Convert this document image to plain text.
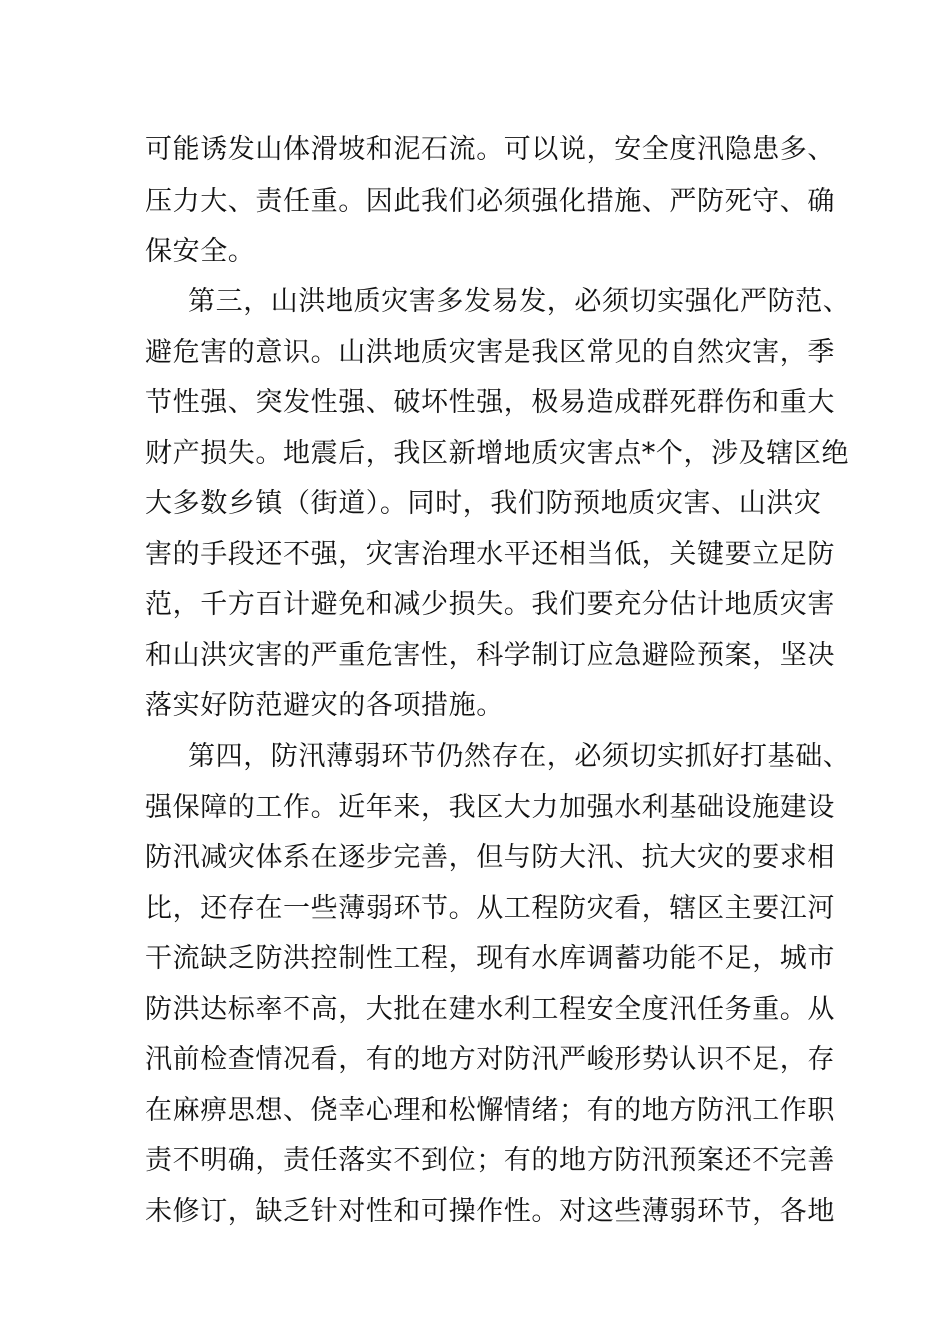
可能诱发山体滑坡和泥石流。可以说，安全度汛隐患多、
压力大、责任重。因此我们必须强化措施、严防死守、确
保安全。
第三，山洪地质灾害多发易发，必须切实强化严防范、
避危害的意识。山洪地质灾害是我区常见的自然灾害，季
节性强、突发性强、破坏性强，极易造成群死群伤和重大
财产损失。地震后，我区新增地质灾害点*个，涉及辖区绝
大多数乡镇（街道）。同时，我们防预地质灾害、山洪灾
害的手段还不强，灾害治理水平还相当低，关键要立足防
范，千方百计避免和减少损失。我们要充分估计地质灾害
和山洪灾害的严重危害性，科学制订应急避险预案，坚决
落实好防范避灾的各项措施。
第四，防汛薄弱环节仍然存在，必须切实抓好打基础、
强保障的工作。近年来，我区大力加强水利基础设施建设
防汛减灾体系在逐步完善，但与防大汛、抗大灾的要求相
比，还存在一些薄弱环节。从工程防灾看，辖区主要江河
干流缺乏防洪控制性工程，现有水库调蓄功能不足，城市
防洪达标率不高，大批在建水利工程安全度汛任务重。从
汛前检查情况看，有的地方对防汛严峻形势认识不足，存
在麻痹思想、侥幸心理和松懈情绪；有的地方防汛工作职
责不明确，责任落实不到位；有的地方防汛预案还不完善
未修订，缺乏针对性和可操作性。对这些薄弱环节，各地
